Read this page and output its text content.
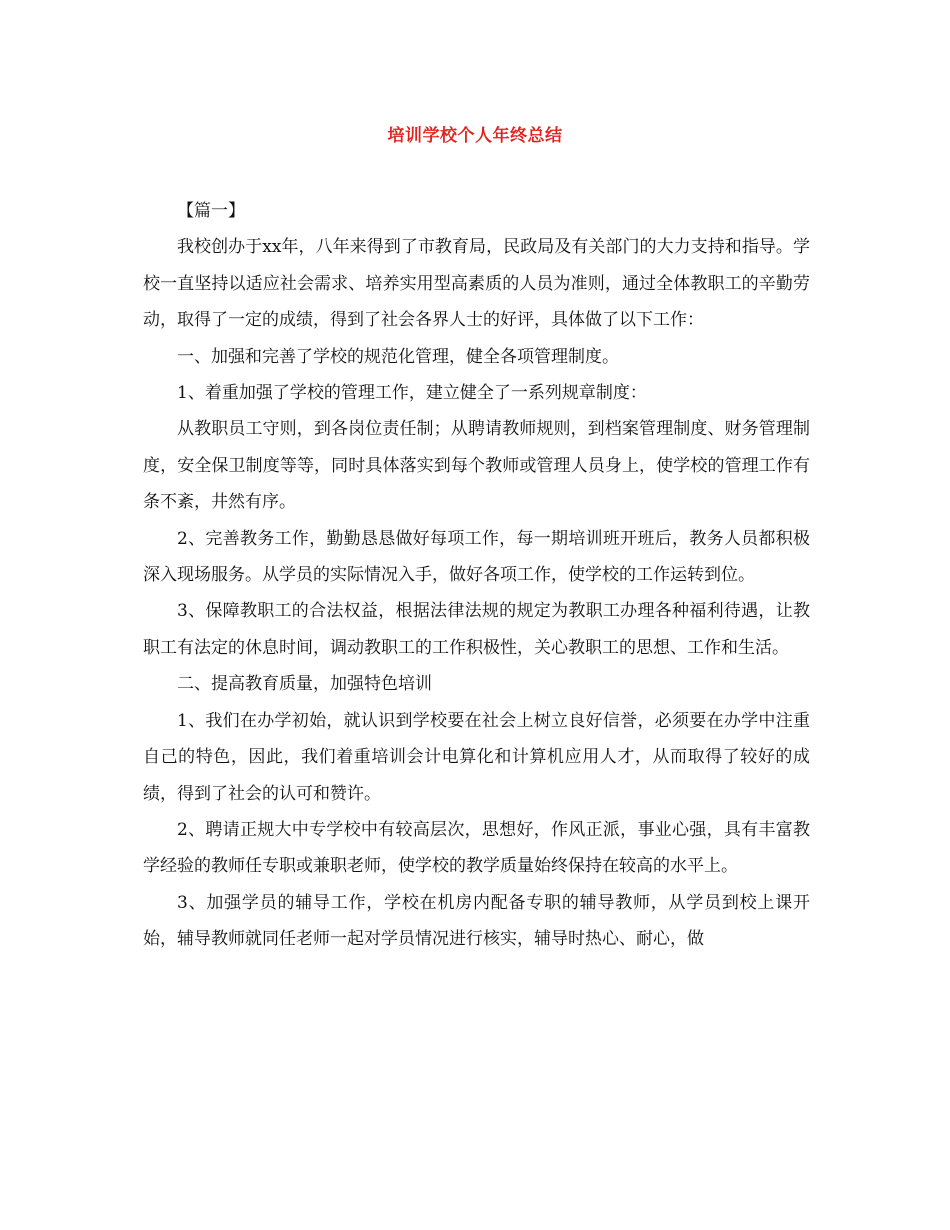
培训学校个人年终总结

【篇一】

我校创办于xx年，八年来得到了市教育局，民政局及有关部门的大力支持和指导。学校一直坚持以适应社会需求、培养实用型高素质的人员为准则，通过全体教职工的辛勤劳动，取得了一定的成绩，得到了社会各界人士的好评，具体做了以下工作：

一、加强和完善了学校的规范化管理，健全各项管理制度。

1、着重加强了学校的管理工作，建立健全了一系列规章制度：

从教职员工守则，到各岗位责任制；从聘请教师规则，到档案管理制度、财务管理制度，安全保卫制度等等，同时具体落实到每个教师或管理人员身上，使学校的管理工作有条不紊，井然有序。

2、完善教务工作，勤勤恳恳做好每项工作，每一期培训班开班后，教务人员都积极深入现场服务。从学员的实际情况入手，做好各项工作，使学校的工作运转到位。

3、保障教职工的合法权益，根据法律法规的规定为教职工办理各种福利待遇，让教职工有法定的休息时间，调动教职工的工作积极性，关心教职工的思想、工作和生活。

二、提高教育质量，加强特色培训

1、我们在办学初始，就认识到学校要在社会上树立良好信誉，必须要在办学中注重自己的特色，因此，我们着重培训会计电算化和计算机应用人才，从而取得了较好的成绩，得到了社会的认可和赞许。

2、聘请正规大中专学校中有较高层次，思想好，作风正派，事业心强，具有丰富教学经验的教师任专职或兼职老师，使学校的教学质量始终保持在较高的水平上。

3、加强学员的辅导工作，学校在机房内配备专职的辅导教师，从学员到校上课开始，辅导教师就同任老师一起对学员情况进行核实，辅导时热心、耐心，做
